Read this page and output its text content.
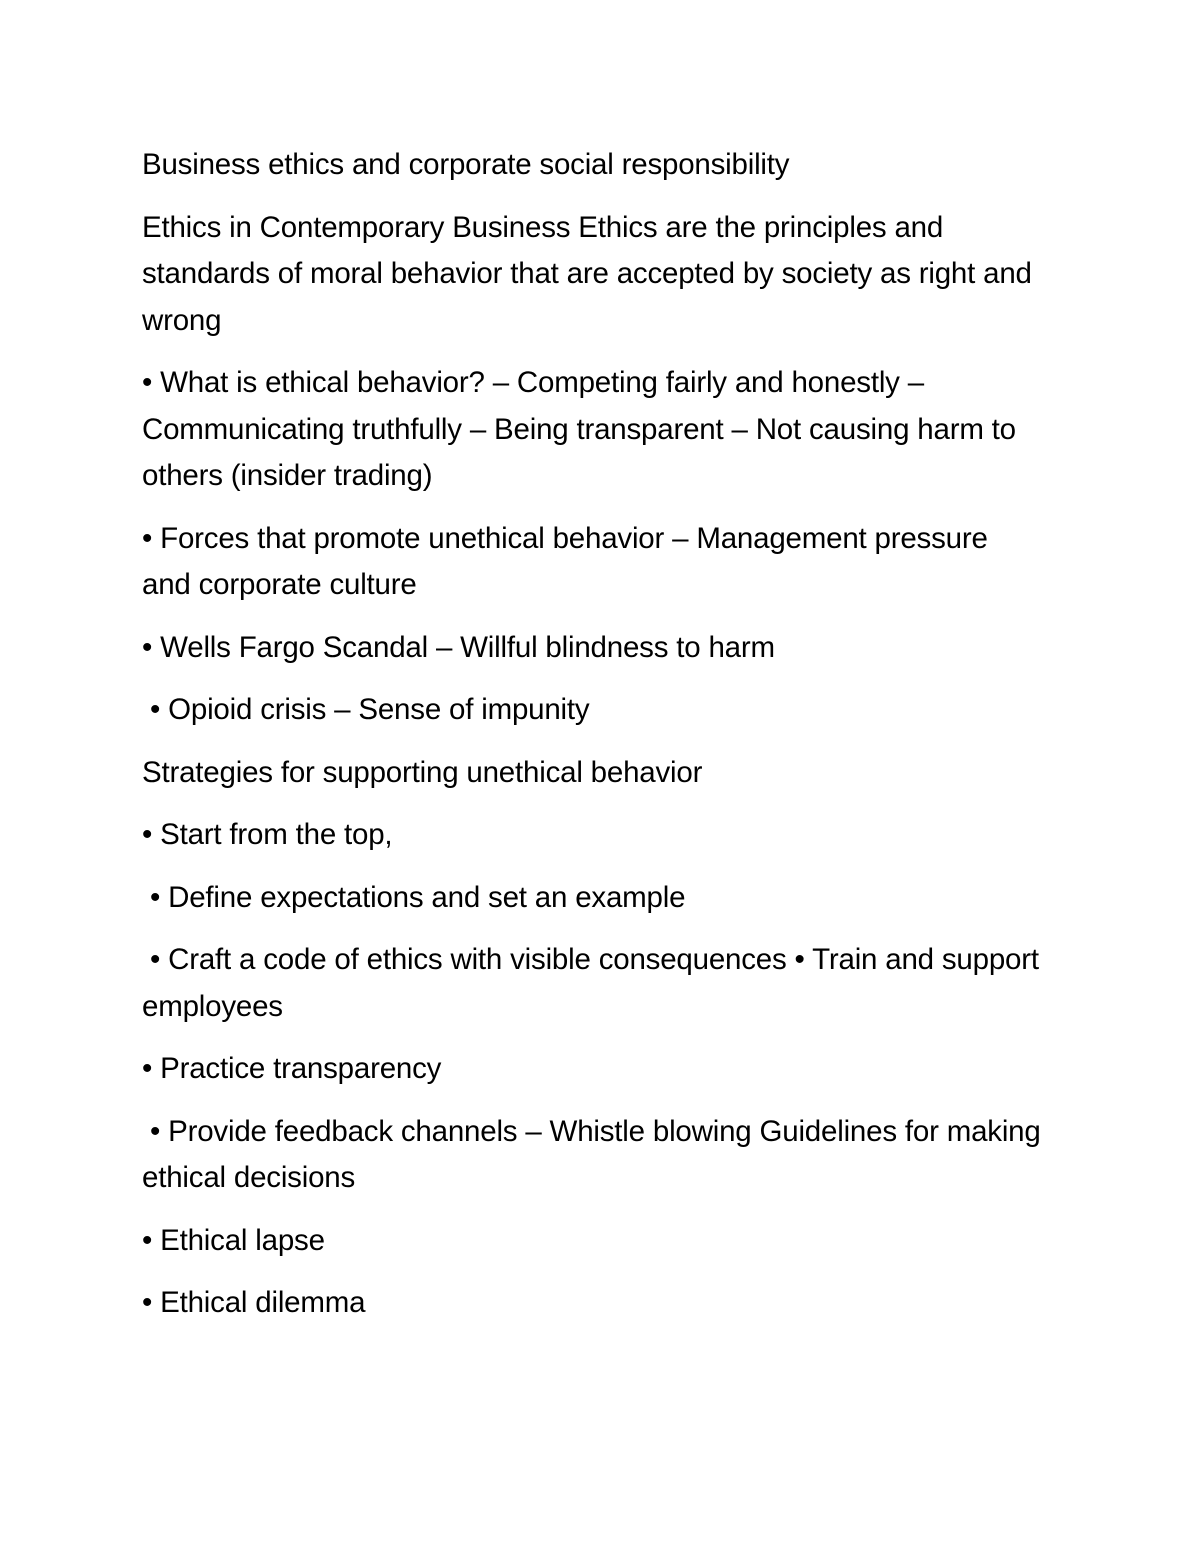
Business ethics and corporate social responsibility

Ethics in Contemporary Business Ethics are the principles and standards of moral behavior that are accepted by society as right and wrong

• What is ethical behavior? – Competing fairly and honestly – Communicating truthfully – Being transparent – Not causing harm to others (insider trading)

• Forces that promote unethical behavior – Management pressure and corporate culture

• Wells Fargo Scandal – Willful blindness to harm

• Opioid crisis – Sense of impunity

Strategies for supporting unethical behavior

• Start from the top,

• Define expectations and set an example

• Craft a code of ethics with visible consequences • Train and support employees

• Practice transparency

• Provide feedback channels – Whistle blowing Guidelines for making ethical decisions

• Ethical lapse

• Ethical dilemma
